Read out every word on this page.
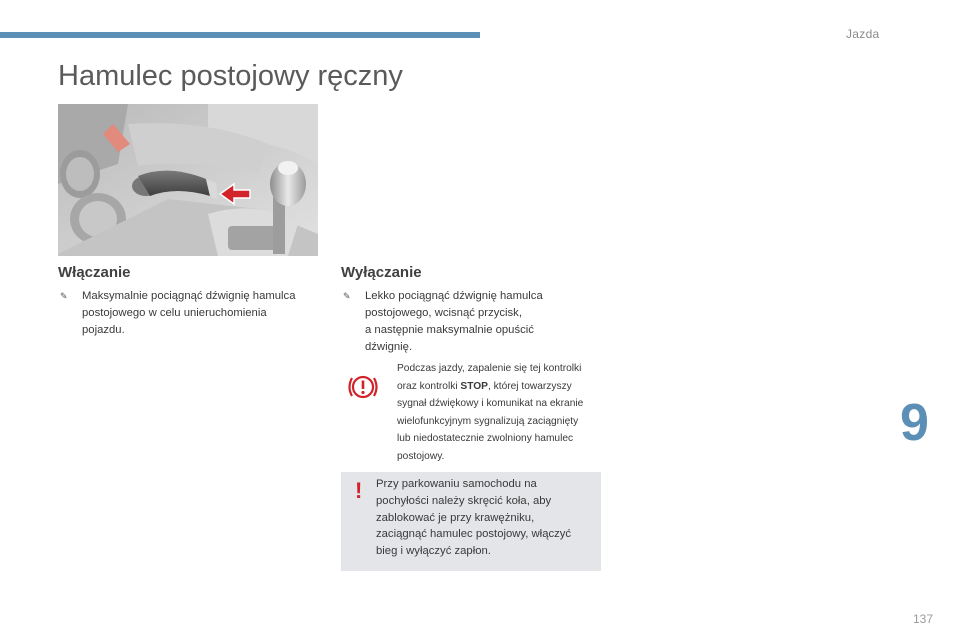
Jazda
Hamulec postojowy ręczny
Włączanie
✎	Maksymalnie pociągnąć dźwignię hamulca
postojowego w celu unieruchomienia
pojazdu.
Wyłączanie
✎	Lekko pociągnąć dźwignię hamulca
postojowego, wcisnąć przycisk,
a następnie maksymalnie opuścić
dźwignię.
Podczas jazdy, zapalenie się tej kontrolki
oraz kontrolki STOP, której towarzyszy
sygnał dźwiękowy i komunikat na ekranie
wielofunkcyjnym sygnalizują zaciągnięty
lub niedostatecznie zwolniony hamulec
postojowy.
! Przy parkowaniu samochodu na
pochyłości należy skręcić koła, aby
zablokować je przy krawężniku,
zaciągnąć hamulec postojowy, włączyć
bieg i wyłączyć zapłon.
9
137
